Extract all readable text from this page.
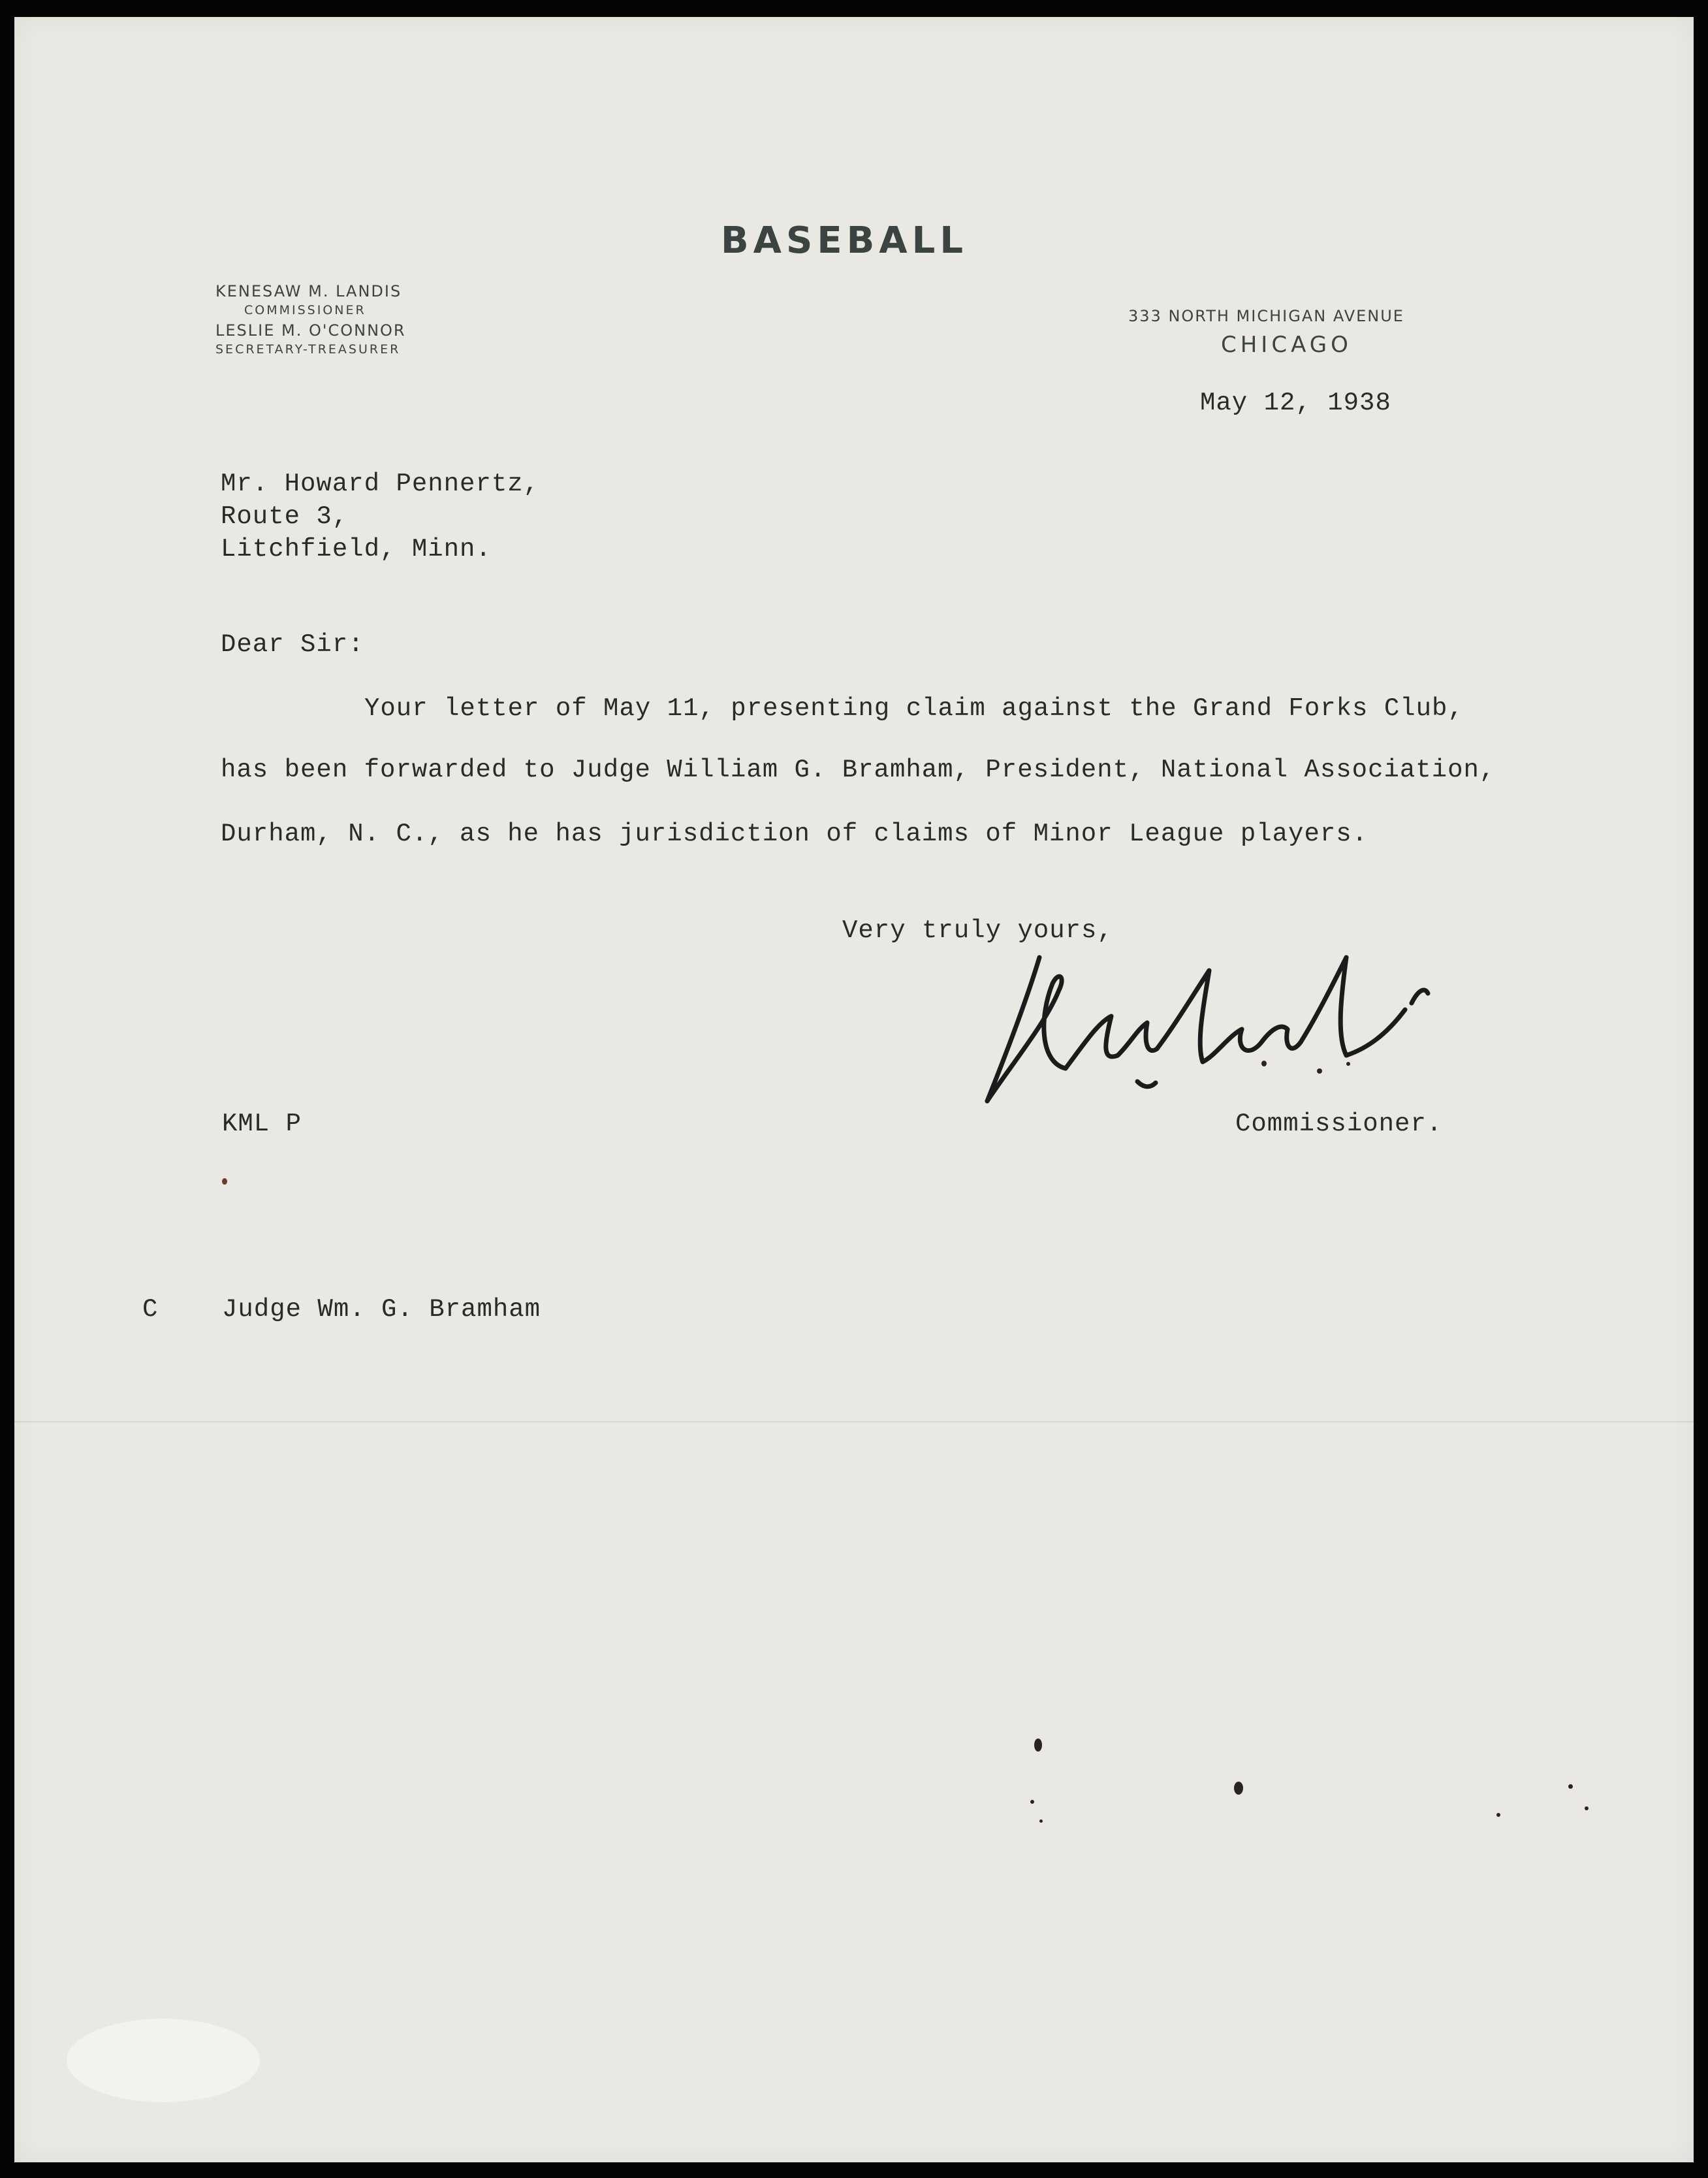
BASEBALL
KENESAW M. LANDIS
COMMISSIONER
LESLIE M. O'CONNOR
SECRETARY-TREASURER
333 NORTH MICHIGAN AVENUE
CHICAGO
May 12, 1938
Mr. Howard Pennertz,
Route 3,
Litchfield, Minn.
Dear Sir:
Your letter of May 11, presenting claim against the Grand Forks Club,
has been forwarded to Judge William G. Bramham, President, National Association,
Durham, N. C., as he has jurisdiction of claims of Minor League players.
Very truly yours,
Commissioner.
KML P
C	Judge Wm. G. Bramham
